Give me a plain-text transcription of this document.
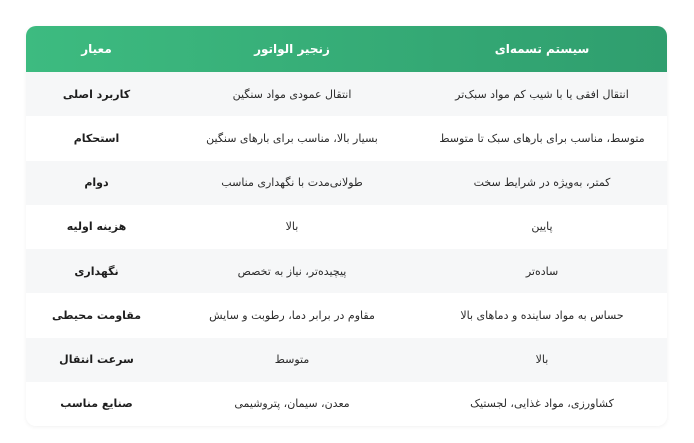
سیستم تسمه‌ای
زنجیر الواتور
معیار
انتقال افقی یا با شیب کم مواد سبک‌تر
انتقال عمودی مواد سنگین
کاربرد اصلی
متوسط، مناسب برای بارهای سبک تا متوسط
بسیار بالا، مناسب برای بارهای سنگین
استحکام
کمتر، به‌ویژه در شرایط سخت
طولانی‌مدت با نگهداری مناسب
دوام
پایین
بالا
هزینه اولیه
ساده‌تر
پیچیده‌تر، نیاز به تخصص
نگهداری
حساس به مواد ساینده و دماهای بالا
مقاوم در برابر دما، رطوبت و سایش
مقاومت محیطی
بالا
متوسط
سرعت انتقال
کشاورزی، مواد غذایی، لجستیک
معدن، سیمان، پتروشیمی
صنایع مناسب
